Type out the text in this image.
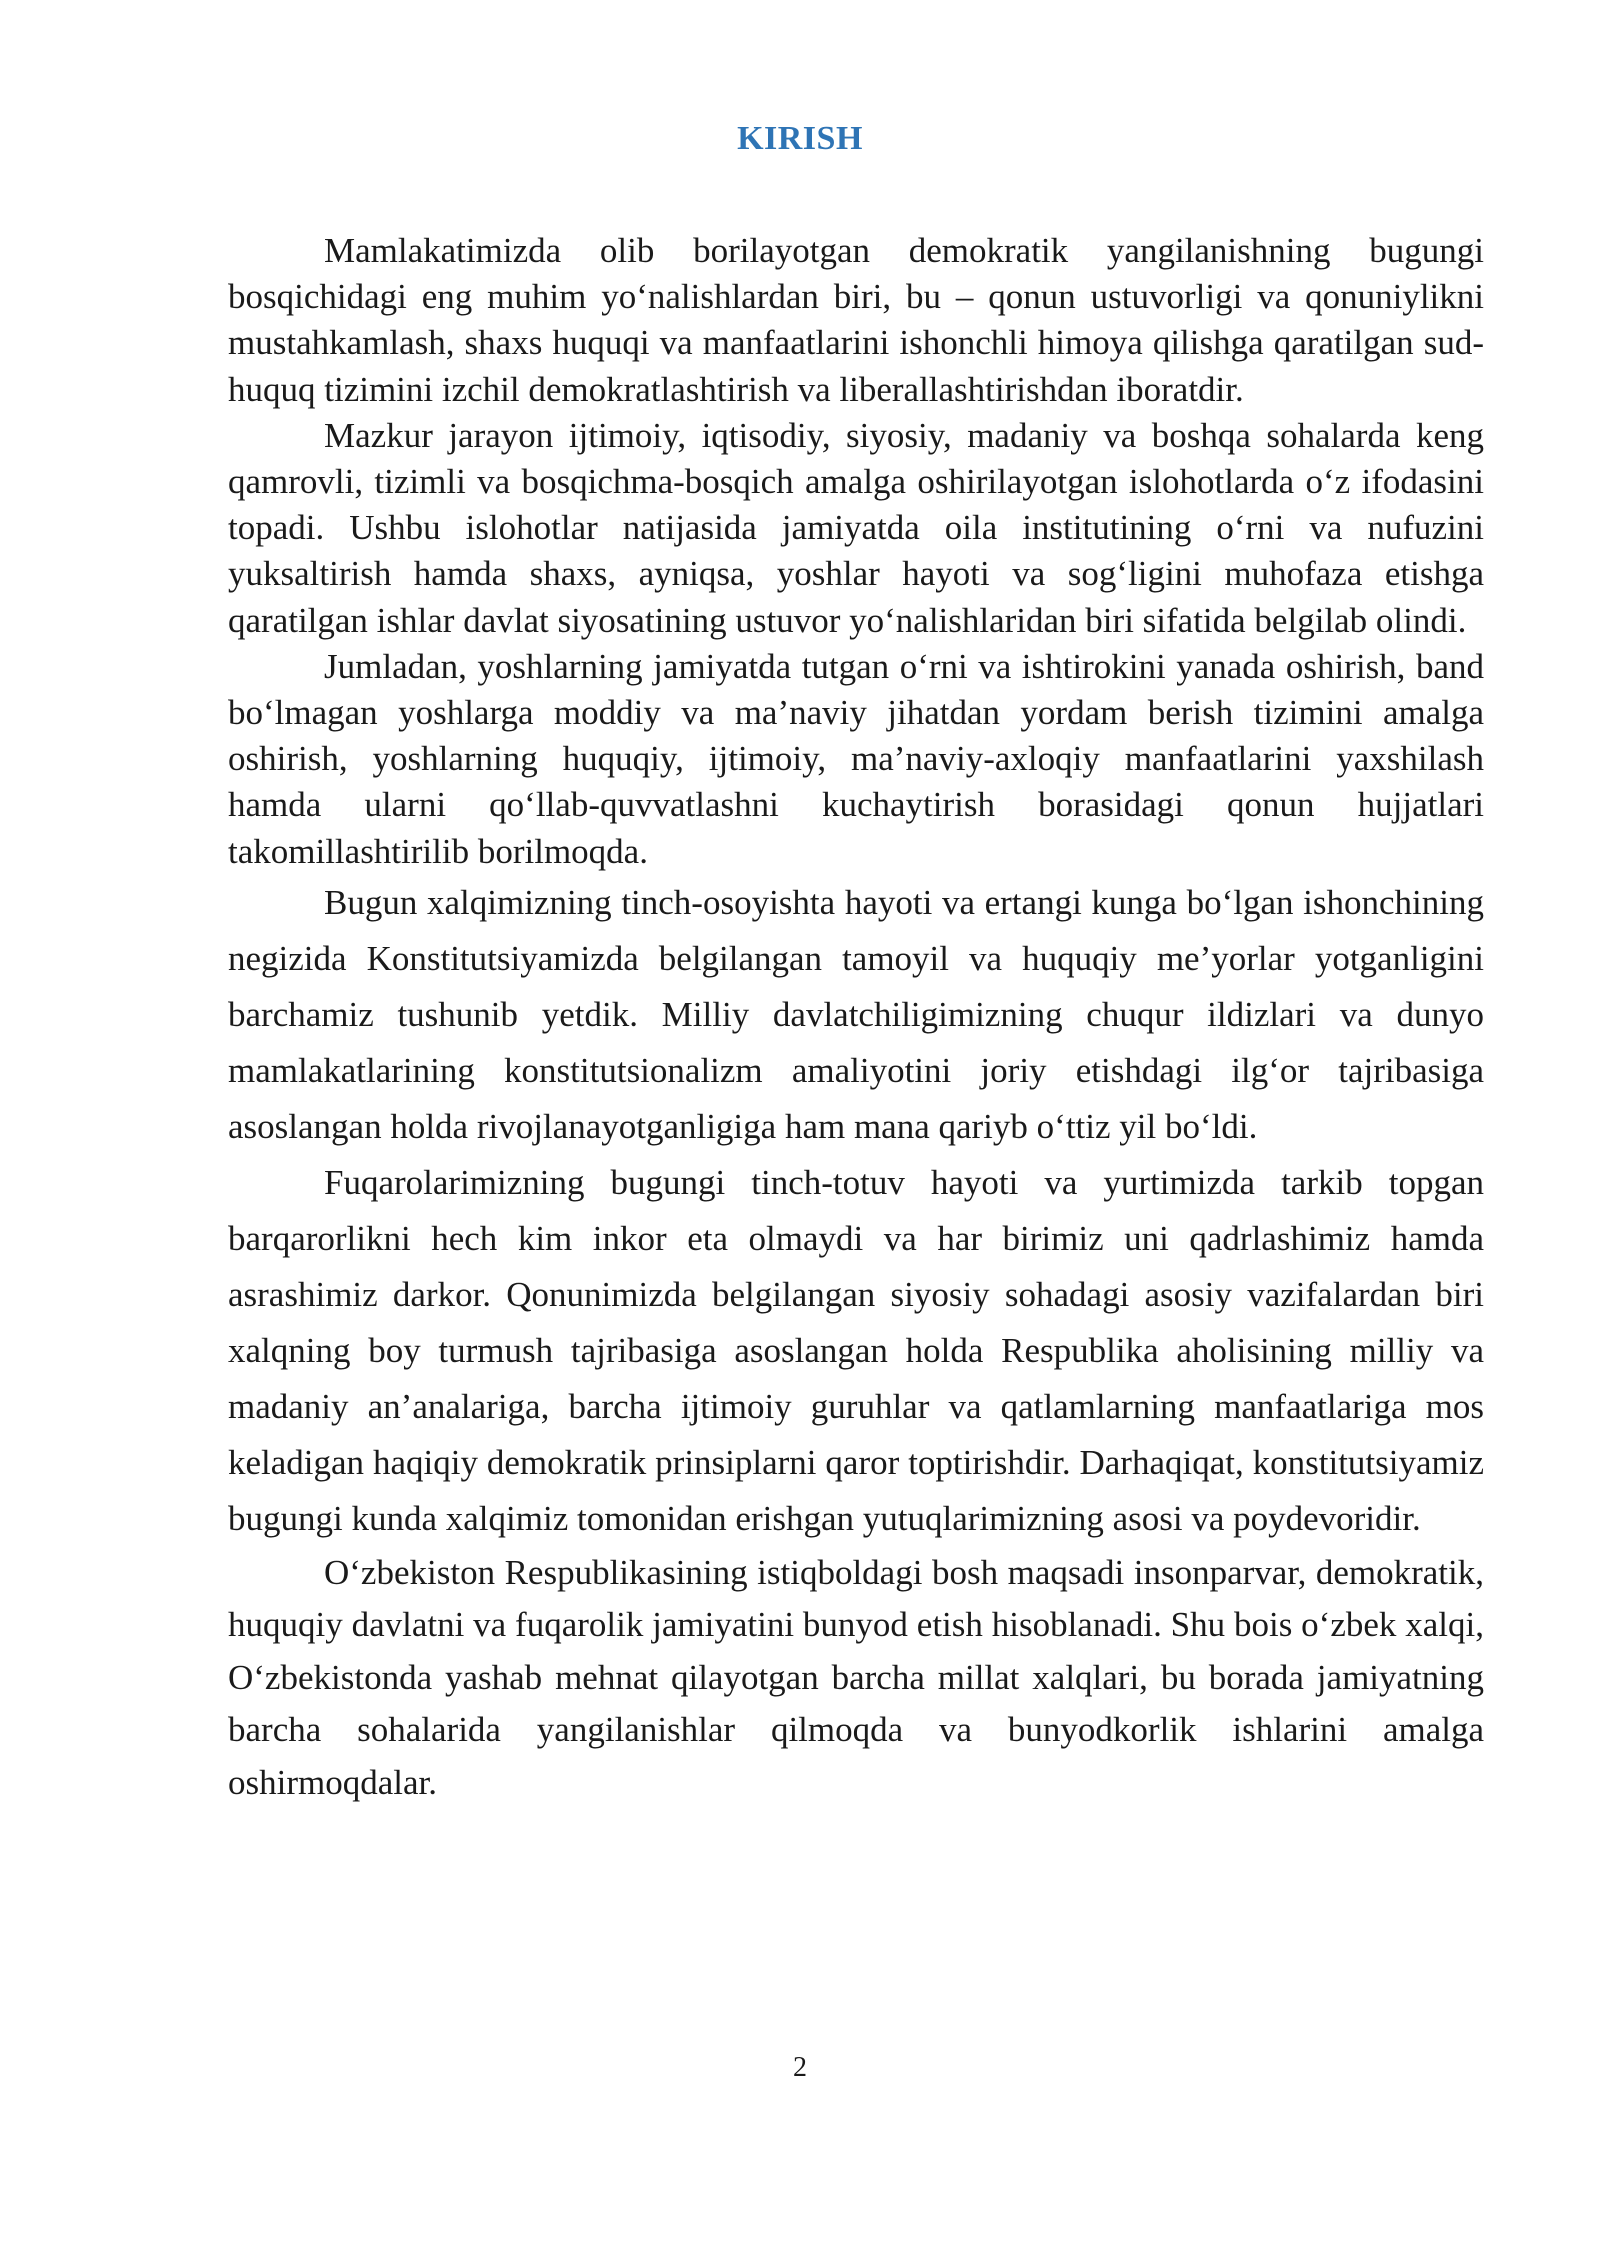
KIRISH

Mamlakatimizda olib borilayotgan demokratik yangilanishning bugungi bosqichidagi eng muhim yo‘nalishlardan biri, bu – qonun ustuvorligi va qonuniylikni mustahkamlash, shaxs huquqi va manfaatlarini ishonchli himoya qilishga qaratilgan sud-huquq tizimini izchil demokratlashtirish va liberallashtirishdan iboratdir.

Mazkur jarayon ijtimoiy, iqtisodiy, siyosiy, madaniy va boshqa sohalarda keng qamrovli, tizimli va bosqichma-bosqich amalga oshirilayotgan islohotlarda o‘z ifodasini topadi. Ushbu islohotlar natijasida jamiyatda oila institutining o‘rni va nufuzini yuksaltirish hamda shaxs, ayniqsa, yoshlar hayoti va sog‘ligini muhofaza etishga qaratilgan ishlar davlat siyosatining ustuvor yo‘nalishlaridan biri sifatida belgilab olindi.

Jumladan, yoshlarning jamiyatda tutgan o‘rni va ishtirokini yanada oshirish, band bo‘lmagan yoshlarga moddiy va ma’naviy jihatdan yordam berish tizimini amalga oshirish, yoshlarning huquqiy, ijtimoiy, ma’naviy-axloqiy manfaatlarini yaxshilash hamda ularni qo‘llab-quvvatlashni kuchaytirish borasidagi qonun hujjatlari takomillashtirilib borilmoqda.

Bugun xalqimizning tinch-osoyishta hayoti va ertangi kunga bo‘lgan ishonchining negizida Konstitutsiyamizda belgilangan tamoyil va huquqiy me’yorlar yotganligini barchamiz tushunib yetdik. Milliy davlatchiligimizning chuqur ildizlari va dunyo mamlakatlarining konstitutsionalizm amaliyotini joriy etishdagi ilg‘or tajribasiga asoslangan holda rivojlanayotganligiga ham mana qariyb o‘ttiz yil bo‘ldi.

Fuqarolarimizning bugungi tinch-totuv hayoti va yurtimizda tarkib topgan barqarorlikni hech kim inkor eta olmaydi va har birimiz uni qadrlashimiz hamda asrashimiz darkor. Qonunimizda belgilangan siyosiy sohadagi asosiy vazifalardan biri xalqning boy turmush tajribasiga asoslangan holda Respublika aholisining milliy va madaniy an’analariga, barcha ijtimoiy guruhlar va qatlamlarning manfaatlariga mos keladigan haqiqiy demokratik prinsiplarni qaror toptirishdir. Darhaqiqat, konstitutsiyamiz bugungi kunda xalqimiz tomonidan erishgan yutuqlarimizning asosi va poydevoridir.

O‘zbekiston Respublikasining istiqboldagi bosh maqsadi insonparvar, demokratik, huquqiy davlatni va fuqarolik jamiyatini bunyod etish hisoblanadi. Shu bois o‘zbek xalqi, O‘zbekistonda yashab mehnat qilayotgan barcha millat xalqlari, bu borada jamiyatning barcha sohalarida yangilanishlar qilmoqda va bunyodkorlik ishlarini amalga oshirmoqdalar.

2
